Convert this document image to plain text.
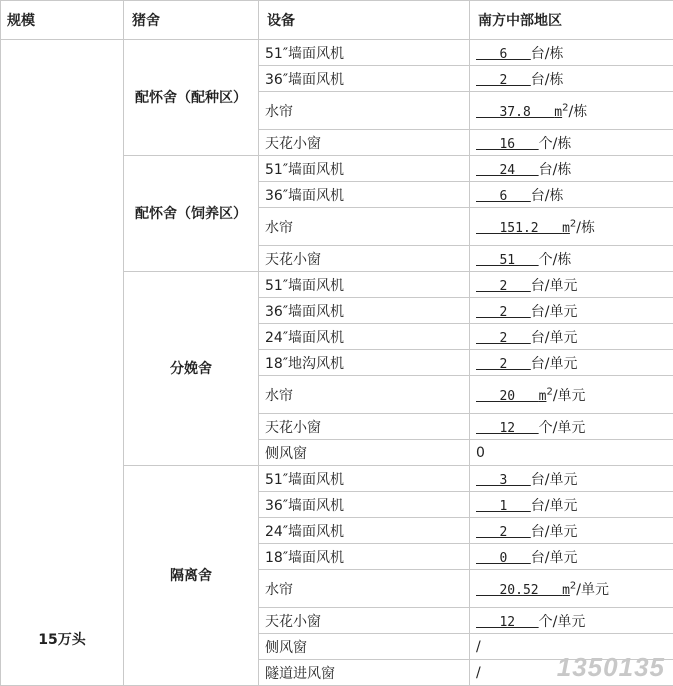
规模	猪舍	设备	南方中部地区
15万头	配怀舍（配种区）	51″墙面风机	6   台/栋
		36″墙面风机	2   台/栋
		水帘	37.8   $m^2/$栋
		天花小窗	16   个/栋
	配怀舍（饲养区）	51″墙面风机	24   台/栋
		36″墙面风机	6   台/栋
		水帘	151.2   $m^2/$栋
		天花小窗	51   个/栋
	分娩舍	51″墙面风机	2   台/单元
		36″墙面风机	2   台/单元
		24″墙面风机	2   台/单元
		18″地沟风机	2   台/单元
		水帘	20   $m^2/$单元
		天花小窗	12   个/单元
		侧风窗	0
	隔离舍	51″墙面风机	3   台/单元
		36″墙面风机	1   台/单元
		24″墙面风机	2   台/单元
		18″墙面风机	0   台/单元
		水帘	20.52   $m^2/$单元
		天花小窗	12   个/单元
		侧风窗	/
		隧道进风窗	/	1350135
